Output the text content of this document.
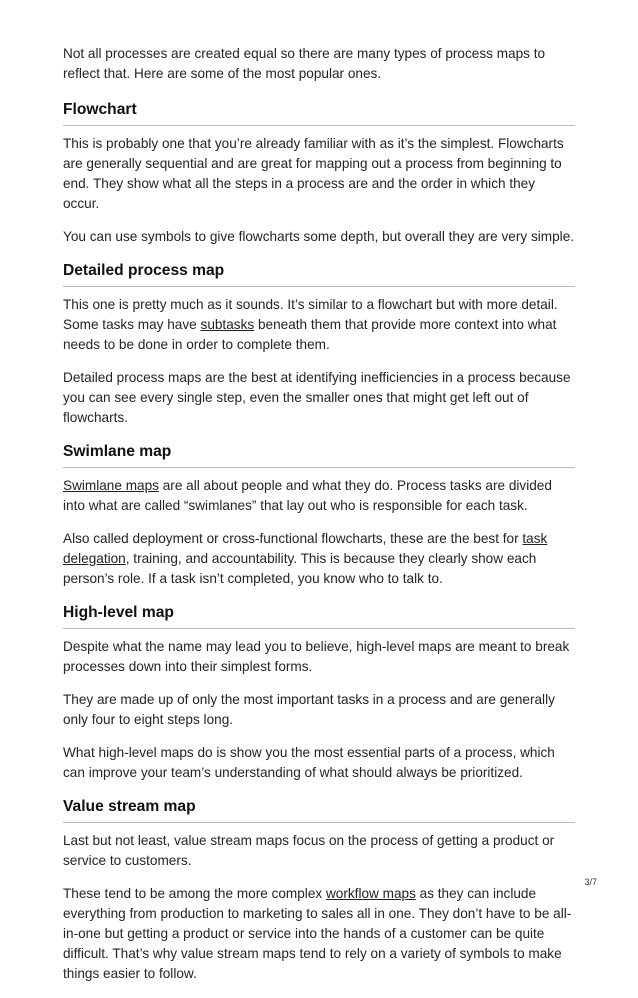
Not all processes are created equal so there are many types of process maps to reflect that. Here are some of the most popular ones.

Flowchart

This is probably one that you’re already familiar with as it’s the simplest. Flowcharts are generally sequential and are great for mapping out a process from beginning to end. They show what all the steps in a process are and the order in which they occur.

You can use symbols to give flowcharts some depth, but overall they are very simple.

Detailed process map

This one is pretty much as it sounds. It’s similar to a flowchart but with more detail. Some tasks may have subtasks beneath them that provide more context into what needs to be done in order to complete them.

Detailed process maps are the best at identifying inefficiencies in a process because you can see every single step, even the smaller ones that might get left out of flowcharts.

Swimlane map

Swimlane maps are all about people and what they do. Process tasks are divided into what are called “swimlanes” that lay out who is responsible for each task.

Also called deployment or cross-functional flowcharts, these are the best for task delegation, training, and accountability. This is because they clearly show each person’s role. If a task isn’t completed, you know who to talk to.

High-level map

Despite what the name may lead you to believe, high-level maps are meant to break processes down into their simplest forms.

They are made up of only the most important tasks in a process and are generally only four to eight steps long.

What high-level maps do is show you the most essential parts of a process, which can improve your team’s understanding of what should always be prioritized.

Value stream map

Last but not least, value stream maps focus on the process of getting a product or service to customers.

These tend to be among the more complex workflow maps as they can include everything from production to marketing to sales all in one. They don’t have to be all-in-one but getting a product or service into the hands of a customer can be quite difficult. That’s why value stream maps tend to rely on a variety of symbols to make things easier to follow.

3/7
